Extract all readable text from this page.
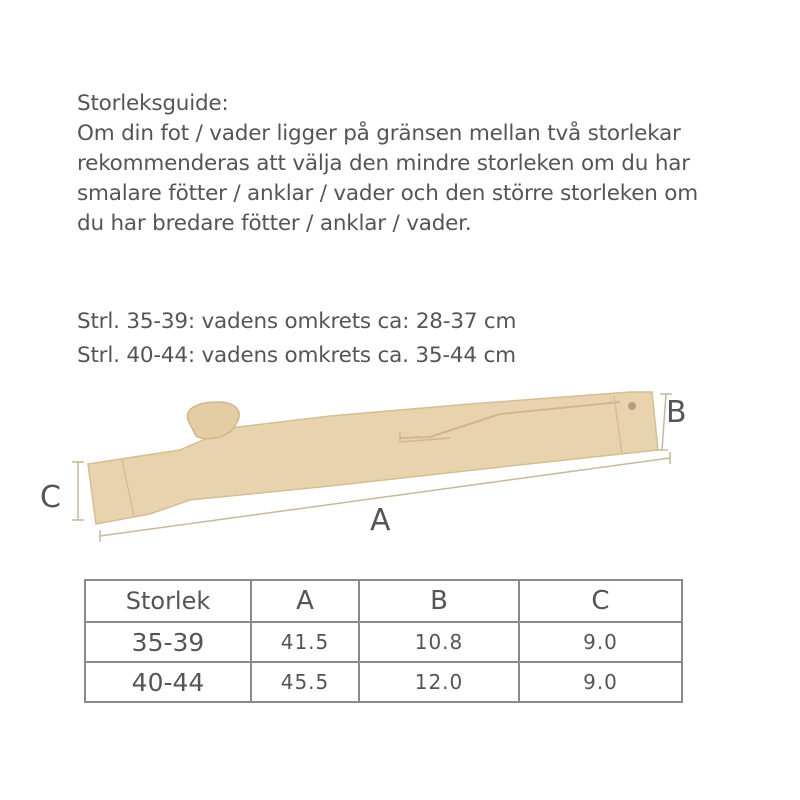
Storleksguide:

Om din fot / vader ligger på gränsen mellan två storlekar

rekommenderas att välja den mindre storleken om du har

smalare fötter / anklar / vader och den större storleken om

du har bredare fötter / anklar / vader.

Strl. 35-39: vadens omkrets ca: 28-37 cm

Strl. 40-44: vadens omkrets ca. 35-44 cm

A
B
C
Storlek	A	B	C
35-39	41.5	10.8	9.0
40-44	45.5	12.0	9.0
